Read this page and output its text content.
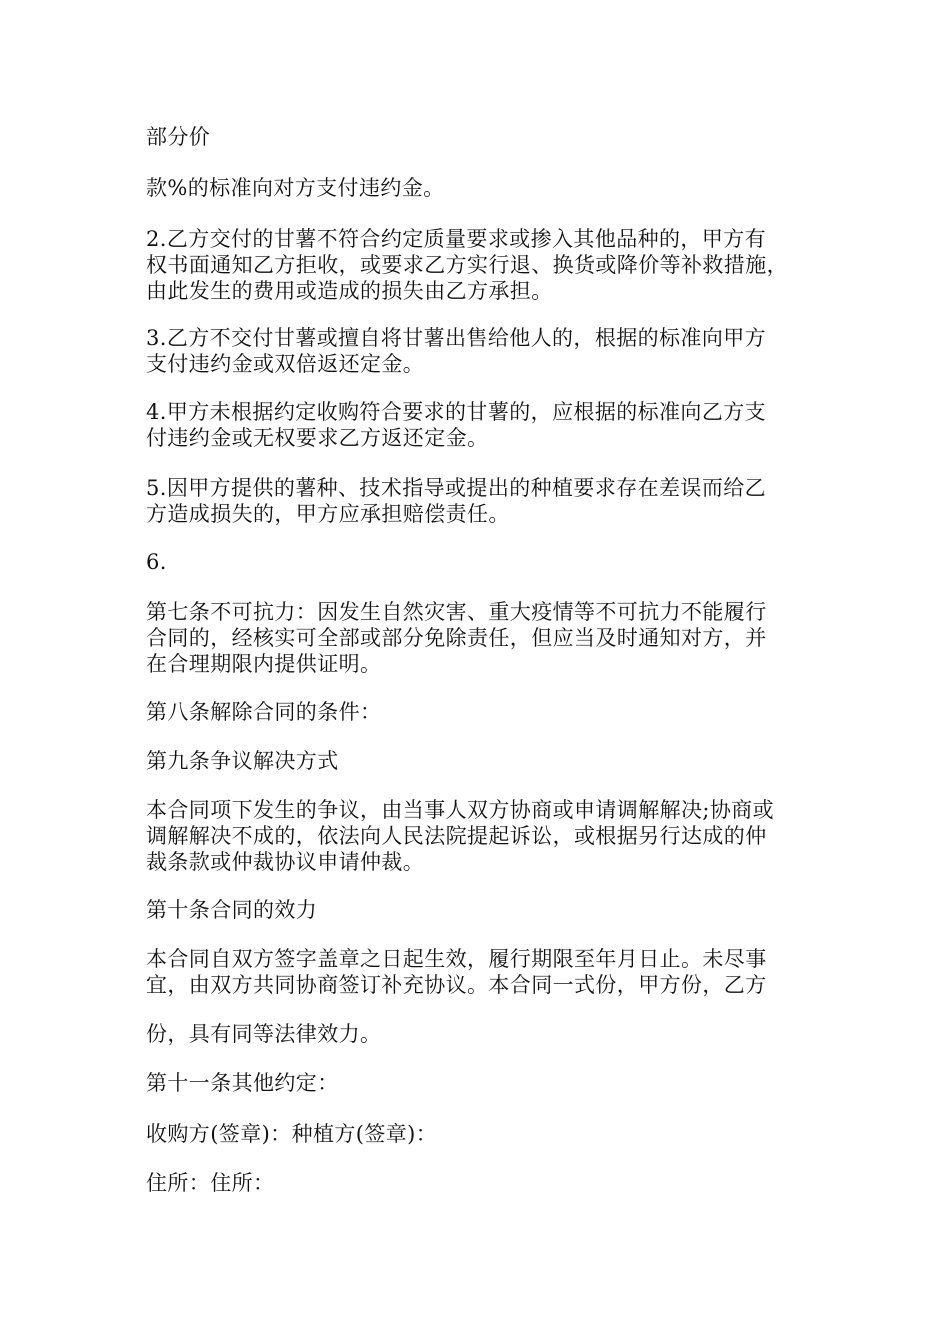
部分价
款%的标准向对方支付违约金。
2.乙方交付的甘薯不符合约定质量要求或掺入其他品种的，甲方有
权书面通知乙方拒收，或要求乙方实行退、换货或降价等补救措施，
由此发生的费用或造成的损失由乙方承担。
3.乙方不交付甘薯或擅自将甘薯出售给他人的，根据的标准向甲方
支付违约金或双倍返还定金。
4.甲方未根据约定收购符合要求的甘薯的，应根据的标准向乙方支
付违约金或无权要求乙方返还定金。
5.因甲方提供的薯种、技术指导或提出的种植要求存在差误而给乙
方造成损失的，甲方应承担赔偿责任。
6.
第七条不可抗力：因发生自然灾害、重大疫情等不可抗力不能履行
合同的，经核实可全部或部分免除责任，但应当及时通知对方，并
在合理期限内提供证明。
第八条解除合同的条件：
第九条争议解决方式
本合同项下发生的争议，由当事人双方协商或申请调解解决;协商或
调解解决不成的，依法向人民法院提起诉讼，或根据另行达成的仲
裁条款或仲裁协议申请仲裁。
第十条合同的效力
本合同自双方签字盖章之日起生效，履行期限至年月日止。未尽事
宜，由双方共同协商签订补充协议。本合同一式份，甲方份，乙方
份，具有同等法律效力。
第十一条其他约定：
收购方(签章)：种植方(签章)：
住所：住所：
